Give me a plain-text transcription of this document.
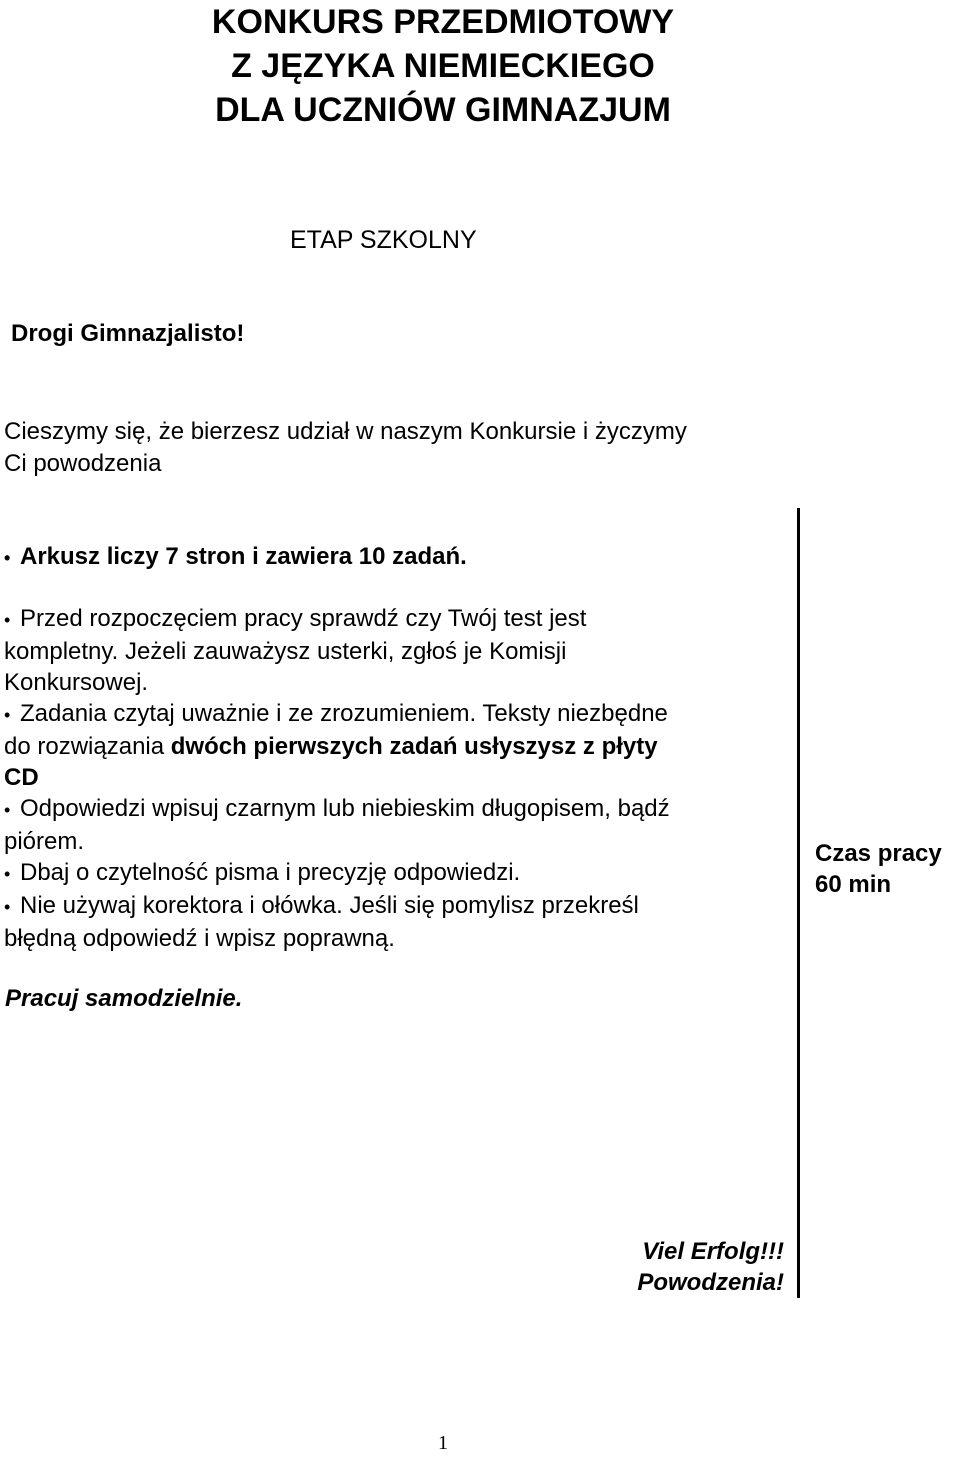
KONKURS PRZEDMIOTOWY
Z JĘZYKA NIEMIECKIEGO
DLA UCZNIÓW GIMNAZJUM
ETAP SZKOLNY
Drogi Gimnazjalisto!
Cieszymy się, że bierzesz udział w naszym Konkursie i życzymy
Ci powodzenia
• Arkusz liczy 7 stron i zawiera 10 zadań.
• Przed rozpoczęciem pracy sprawdź czy Twój test jest
kompletny. Jeżeli zauważysz usterki, zgłoś je Komisji
Konkursowej.
• Zadania czytaj uważnie i ze zrozumieniem. Teksty niezbędne
do rozwiązania dwóch pierwszych zadań usłyszysz z płyty
CD
• Odpowiedzi wpisuj czarnym lub niebieskim długopisem, bądź
piórem.
• Dbaj o czytelność pisma i precyzję odpowiedzi.
• Nie używaj korektora i ołówka. Jeśli się pomylisz przekreśl
błędną odpowiedź i wpisz poprawną.
Czas pracy
60 min
Pracuj samodzielnie.
Viel Erfolg!!!
Powodzenia!
1
